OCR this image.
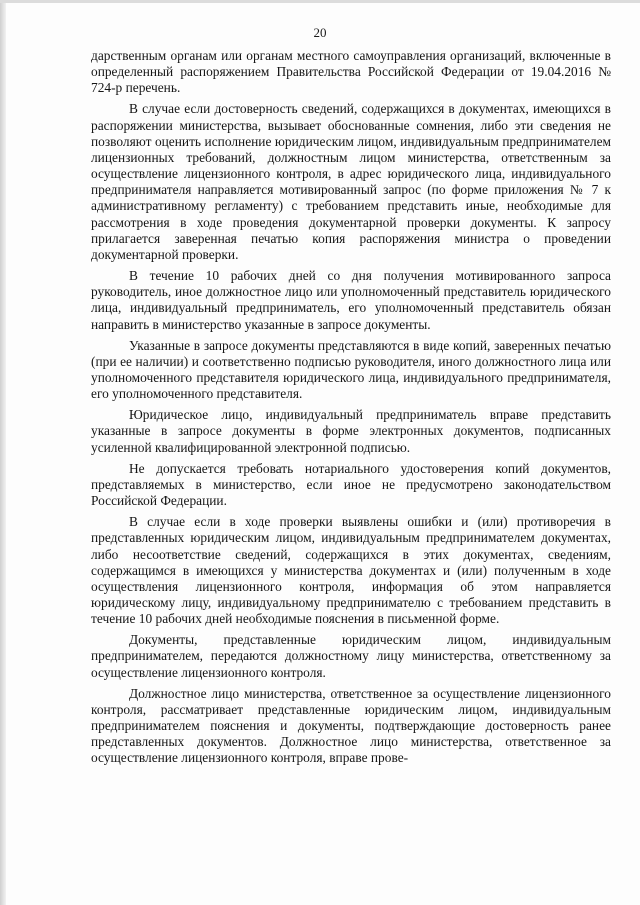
20

дарственным органам или органам местного самоуправления организаций, включенные в определенный распоряжением Правительства Российской Федерации от 19.04.2016 № 724-р перечень.

В случае если достоверность сведений, содержащихся в документах, имеющихся в распоряжении министерства, вызывает обоснованные сомнения, либо эти сведения не позволяют оценить исполнение юридическим лицом, индивидуальным предпринимателем лицензионных требований, должностным лицом министерства, ответственным за осуществление лицензионного контроля, в адрес юридического лица, индивидуального предпринимателя направляется мотивированный запрос (по форме приложения № 7 к административному регламенту) с требованием представить иные, необходимые для рассмотрения в ходе проведения документарной проверки документы. К запросу прилагается заверенная печатью копия распоряжения министра о проведении документарной проверки.

В течение 10 рабочих дней со дня получения мотивированного запроса руководитель, иное должностное лицо или уполномоченный представитель юридического лица, индивидуальный предприниматель, его уполномоченный представитель обязан направить в министерство указанные в запросе документы.

Указанные в запросе документы представляются в виде копий, заверенных печатью (при ее наличии) и соответственно подписью руководителя, иного должностного лица или уполномоченного представителя юридического лица, индивидуального предпринимателя, его уполномоченного представителя.

Юридическое лицо, индивидуальный предприниматель вправе представить указанные в запросе документы в форме электронных документов, подписанных усиленной квалифицированной электронной подписью.

Не допускается требовать нотариального удостоверения копий документов, представляемых в министерство, если иное не предусмотрено законодательством Российской Федерации.

В случае если в ходе проверки выявлены ошибки и (или) противоречия в представленных юридическим лицом, индивидуальным предпринимателем документах, либо несоответствие сведений, содержащихся в этих документах, сведениям, содержащимся в имеющихся у министерства документах и (или) полученным в ходе осуществления лицензионного контроля, информация об этом направляется юридическому лицу, индивидуальному предпринимателю с требованием представить в течение 10 рабочих дней необходимые пояснения в письменной форме.

Документы, представленные юридическим лицом, индивидуальным предпринимателем, передаются должностному лицу министерства, ответственному за осуществление лицензионного контроля.

Должностное лицо министерства, ответственное за осуществление лицензионного контроля, рассматривает представленные юридическим лицом, индивидуальным предпринимателем пояснения и документы, подтверждающие достоверность ранее представленных документов. Должностное лицо министерства, ответственное за осуществление лицензионного контроля, вправе прове-
